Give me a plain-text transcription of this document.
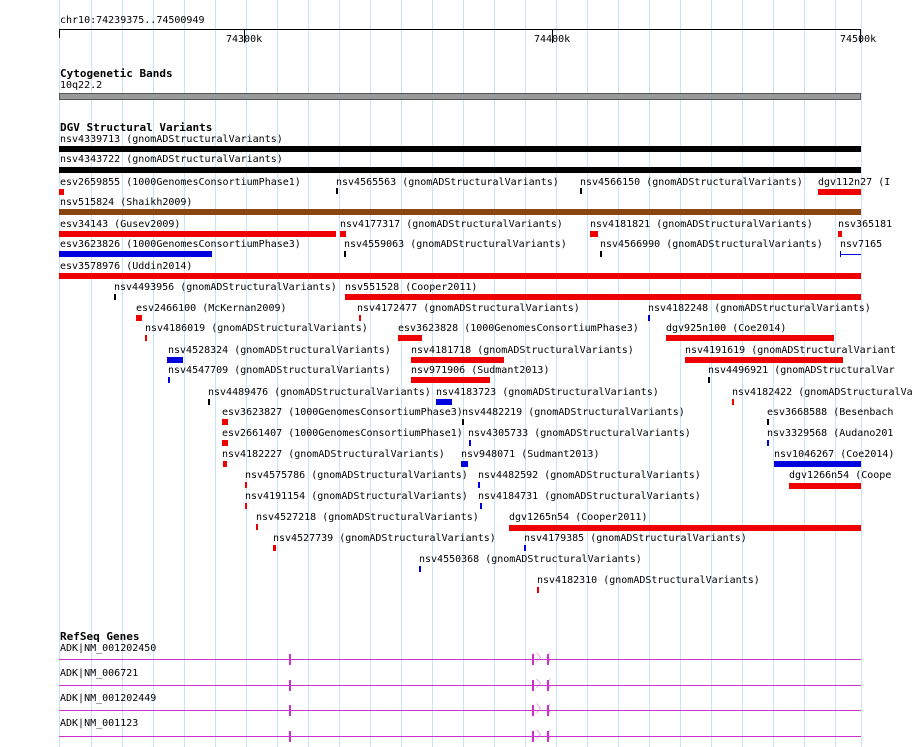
chr10:74239375..74500949
74300k	74400k	74500k
Cytogenetic Bands
10q22.2
DGV Structural Variants
nsv4339713 (gnomADStructuralVariants)
nsv4343722 (gnomADStructuralVariants)
esv2659855 (1000GenomesConsortiumPhase1)	nsv4565563 (gnomADStructuralVariants) nsv4566150 (gnomADStructuralVariants) dgv112n27 (I
nsv515824 (Shaikh2009)
esv34143 (Gusev2009)	nsv4177317 (gnomADStructuralVariants)	nsv4181821 (gnomADStructuralVariants)	nsv365181
esv3623826 (1000GenomesConsortiumPhase3)	nsv4559063 (gnomADStructuralVariants)	nsv4566990 (gnomADStructuralVariants) nsv7165
esv3578976 (Uddin2014)
nsv4493956 (gnomADStructuralVariants) nsv551528 (Cooper2011)
esv2466100 (McKernan2009)	nsv4172477 (gnomADStructuralVariants)	nsv4182248 (gnomADStructuralVariants)
nsv4186019 (gnomADStructuralVariants)	esv3623828 (1000GenomesConsortiumPhase3)	dgv925n100 (Coe2014)
nsv4528324 (gnomADStructuralVariants) nsv4181718 (gnomADStructuralVariants)	nsv4191619 (gnomADStructuralVariant
nsv4547709 (gnomADStructuralVariants) nsv971906 (Sudmant2013)	nsv4496921 (gnomADStructuralVar
nsv4489476 (gnomADStructuralVariants) nsv4183723 (gnomADStructuralVariants)	nsv4182422 (gnomADStructuralVa
esv3623827 (1000GenomesConsortiumPhase3) nsv4482219 (gnomADStructuralVariants)	esv3668588 (Besenbach
esv2661407 (1000GenomesConsortiumPhase1) nsv4305733 (gnomADStructuralVariants)	nsv3329568 (Audano201
nsv4182227 (gnomADStructuralVariants) nsv948071 (Sudmant2013)	nsv1046267 (Coe2014)
nsv4575786 (gnomADStructuralVariants) nsv4482592 (gnomADStructuralVariants)	dgv1266n54 (Coope
nsv4191154 (gnomADStructuralVariants) nsv4184731 (gnomADStructuralVariants)
nsv4527218 (gnomADStructuralVariants)	dgv1265n54 (Cooper2011)
nsv4527739 (gnomADStructuralVariants)	nsv4179385 (gnomADStructuralVariants)
nsv4550368 (gnomADStructuralVariants)
nsv4182310 (gnomADStructuralVariants)
RefSeq Genes
ADK|NM_001202450
〉〈
ADK|NM_006721
〉〈
ADK|NM_001202449
〉〈
ADK|NM_001123
〉〈
